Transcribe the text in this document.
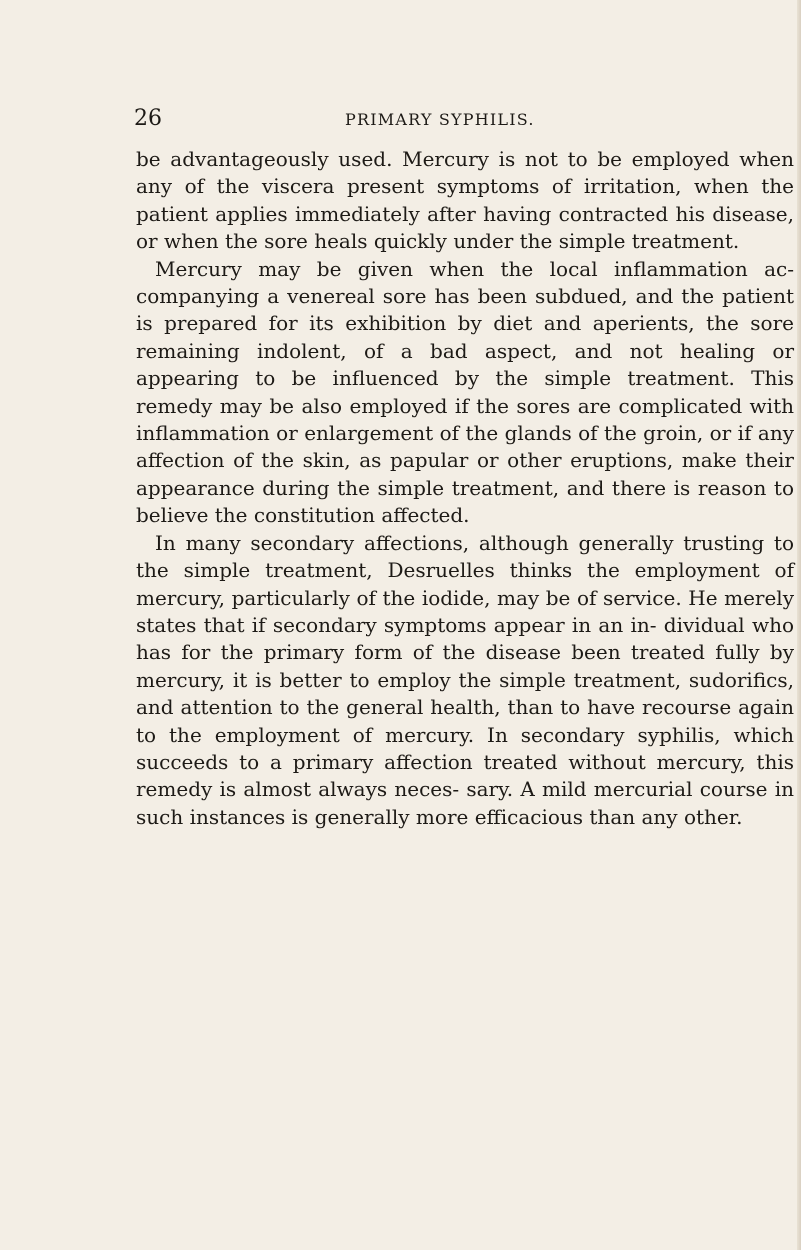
26	PRIMARY SYPHILIS.

be advantageously used. Mercury is not to be employed when any of the viscera present symptoms of irritation, when the patient applies immediately after having contracted his disease, or when the sore heals quickly under the simple treatment.

Mercury may be given when the local inflammation ac- companying a venereal sore has been subdued, and the patient is prepared for its exhibition by diet and aperients, the sore remaining indolent, of a bad aspect, and not healing or appearing to be influenced by the simple treatment. This remedy may be also employed if the sores are complicated with inflammation or enlargement of the glands of the groin, or if any affection of the skin, as papular or other eruptions, make their appearance during the simple treatment, and there is reason to believe the constitution affected.

In many secondary affections, although generally trusting to the simple treatment, Desruelles thinks the employment of mercury, particularly of the iodide, may be of service. He merely states that if secondary symptoms appear in an in- dividual who has for the primary form of the disease been treated fully by mercury, it is better to employ the simple treatment, sudorifics, and attention to the general health, than to have recourse again to the employment of mercury. In secondary syphilis, which succeeds to a primary affection treated without mercury, this remedy is almost always neces- sary. A mild mercurial course in such instances is generally more efficacious than any other.
